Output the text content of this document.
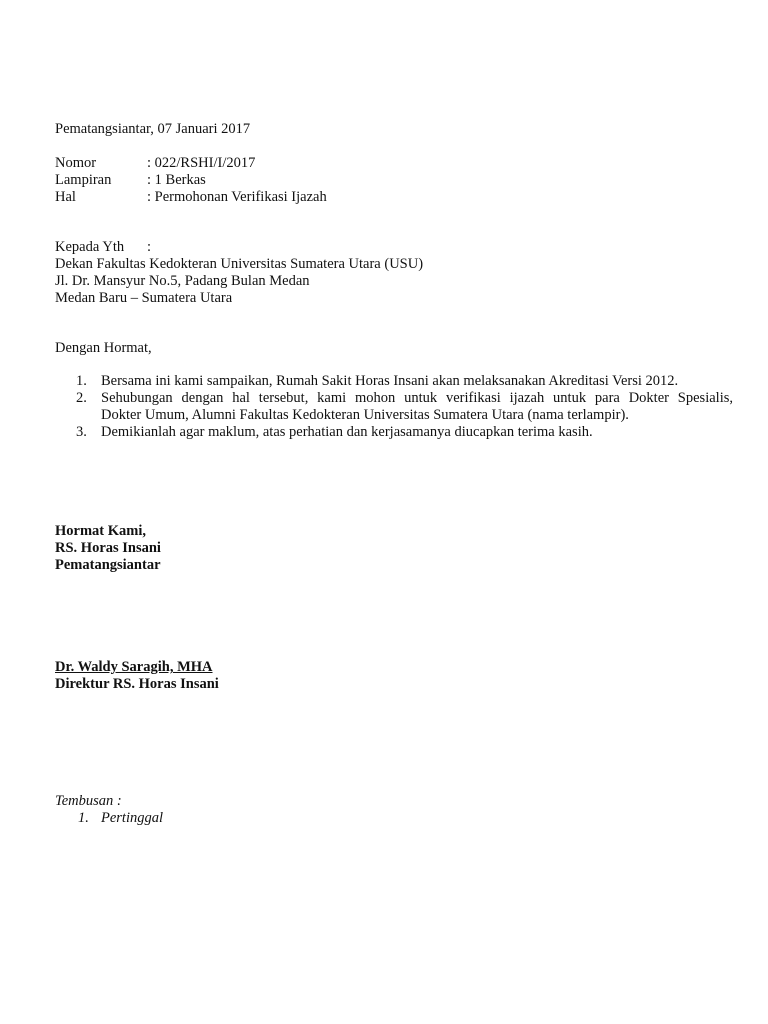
Pematangsiantar, 07 Januari 2017
Nomor	: 022/RSHI/I/2017
Lampiran : 1 Berkas
Hal	: Permohonan Verifikasi Ijazah
Kepada Yth :
Dekan Fakultas Kedokteran Universitas Sumatera Utara (USU)
Jl. Dr. Mansyur No.5, Padang Bulan Medan
Medan Baru – Sumatera Utara
Dengan Hormat,
1. Bersama ini kami sampaikan, Rumah Sakit Horas Insani akan melaksanakan Akreditasi Versi 2012.
2. Sehubungan dengan hal tersebut, kami mohon untuk verifikasi ijazah untuk para Dokter Spesialis,
Dokter Umum, Alumni Fakultas Kedokteran Universitas Sumatera Utara (nama terlampir).
3. Demikianlah agar maklum, atas perhatian dan kerjasamanya diucapkan terima kasih.
Hormat Kami,
RS. Horas Insani
Pematangsiantar
Dr. Waldy Saragih, MHA
Direktur RS. Horas Insani
Tembusan :
1. Pertinggal
